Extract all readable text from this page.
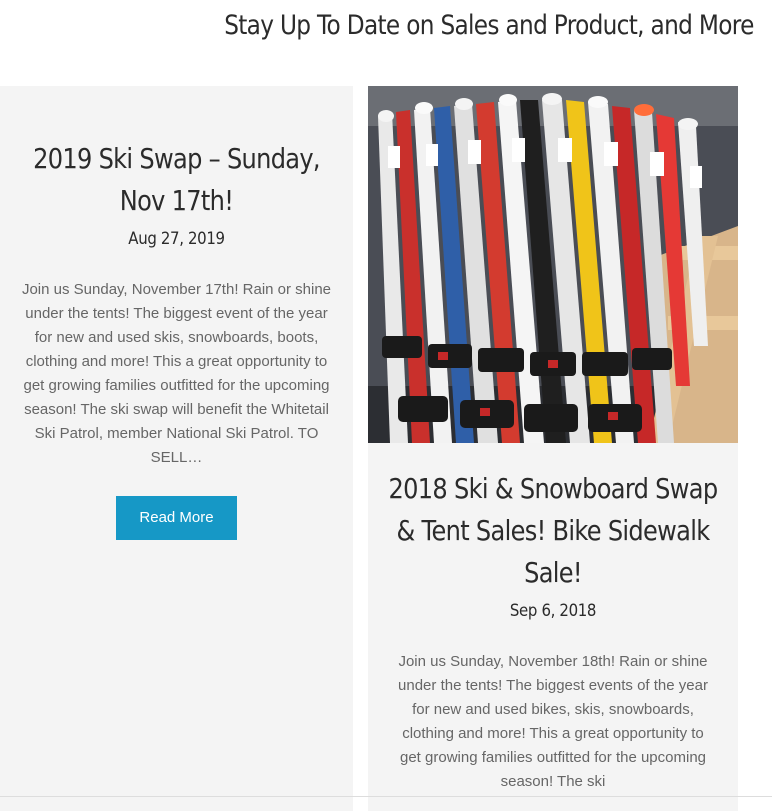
Stay Up To Date on Sales and Product, and More
2019 Ski Swap – Sunday, Nov 17th!
Aug 27, 2019

Join us Sunday, November 17th! Rain or shine under the tents! The biggest event of the year for new and used skis, snowboards, boots, clothing and more! This a great opportunity to get growing families outfitted for the upcoming season! The ski swap will benefit the Whitetail Ski Patrol, member National Ski Patrol. TO SELL…

Read More
2018 Ski & Snowboard Swap & Tent Sales! Bike Sidewalk Sale!
Sep 6, 2018

Join us Sunday, November 18th! Rain or shine under the tents! The biggest events of the year for new and used bikes, skis, snowboards, clothing and more! This a great opportunity to get growing families outfitted for the upcoming season! The ski
